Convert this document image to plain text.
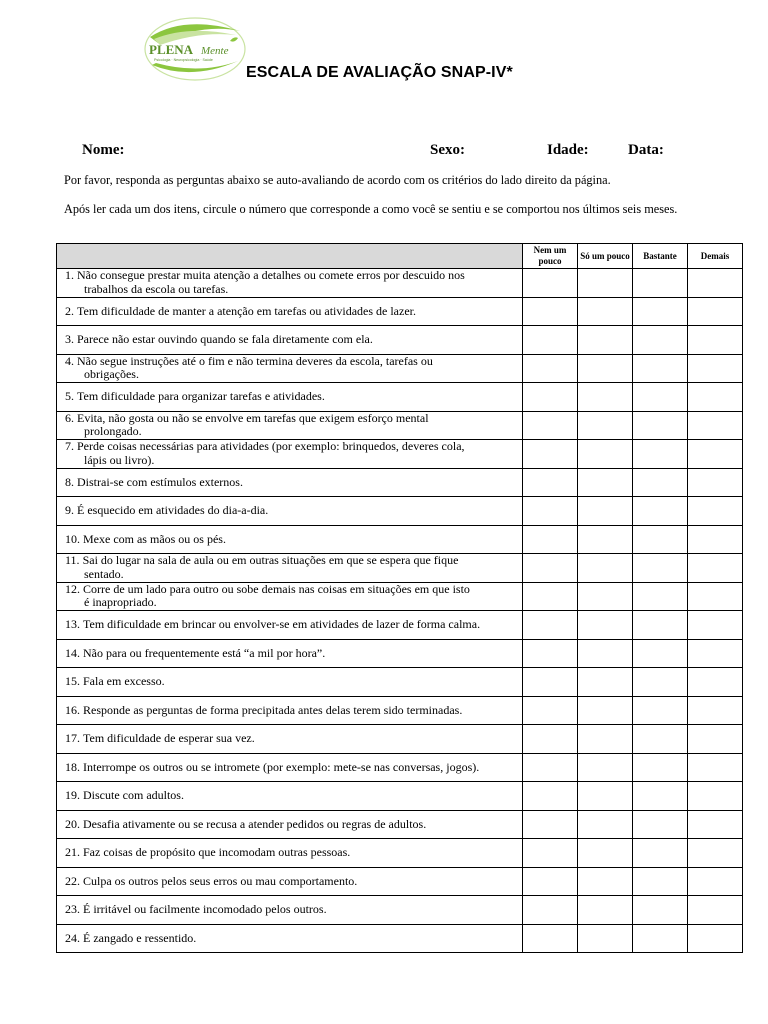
PLENA Mente
Psicologia · Neuropsicologia · Saúde
ESCALA DE AVALIAÇÃO SNAP-IV*
Nome:	Sexo:	Idade:	Data:
Por favor, responda as perguntas abaixo se auto-avaliando de acordo com os critérios do lado direito da página.
Após ler cada um dos itens, circule o número que corresponde a como você se sentiu e se comportou nos últimos seis meses.
	Nem um pouco	Só um pouco	Bastante	Demais
1. Não consegue prestar muita atenção a detalhes ou comete erros por descuido nos
trabalhos da escola ou tarefas.				

2. Tem dificuldade de manter a atenção em tarefas ou atividades de lazer.				
3. Parece não estar ouvindo quando se fala diretamente com ela.				
4. Não segue instruções até o fim e não termina deveres da escola, tarefas ou
obrigações.				

5. Tem dificuldade para organizar tarefas e atividades.				
6. Evita, não gosta ou não se envolve em tarefas que exigem esforço mental
prolongado.				

7. Perde coisas necessárias para atividades (por exemplo: brinquedos, deveres cola,
lápis ou livro).				

8. Distrai-se com estímulos externos.				
9. É esquecido em atividades do dia-a-dia.				
10. Mexe com as mãos ou os pés.				
11. Sai do lugar na sala de aula ou em outras situações em que se espera que fique
sentado.				

12. Corre de um lado para outro ou sobe demais nas coisas em situações em que isto
é inapropriado.				

13. Tem dificuldade em brincar ou envolver-se em atividades de lazer de forma calma.				
14. Não para ou frequentemente está “a mil por hora”.				
15. Fala em excesso.				
16. Responde as perguntas de forma precipitada antes delas terem sido terminadas.				
17. Tem dificuldade de esperar sua vez.				
18. Interrompe os outros ou se intromete (por exemplo: mete-se nas conversas, jogos).				
19. Discute com adultos.				
20. Desafia ativamente ou se recusa a atender pedidos ou regras de adultos.				
21. Faz coisas de propósito que incomodam outras pessoas.				
22. Culpa os outros pelos seus erros ou mau comportamento.				
23. É irritável ou facilmente incomodado pelos outros.				
24. É zangado e ressentido.				
